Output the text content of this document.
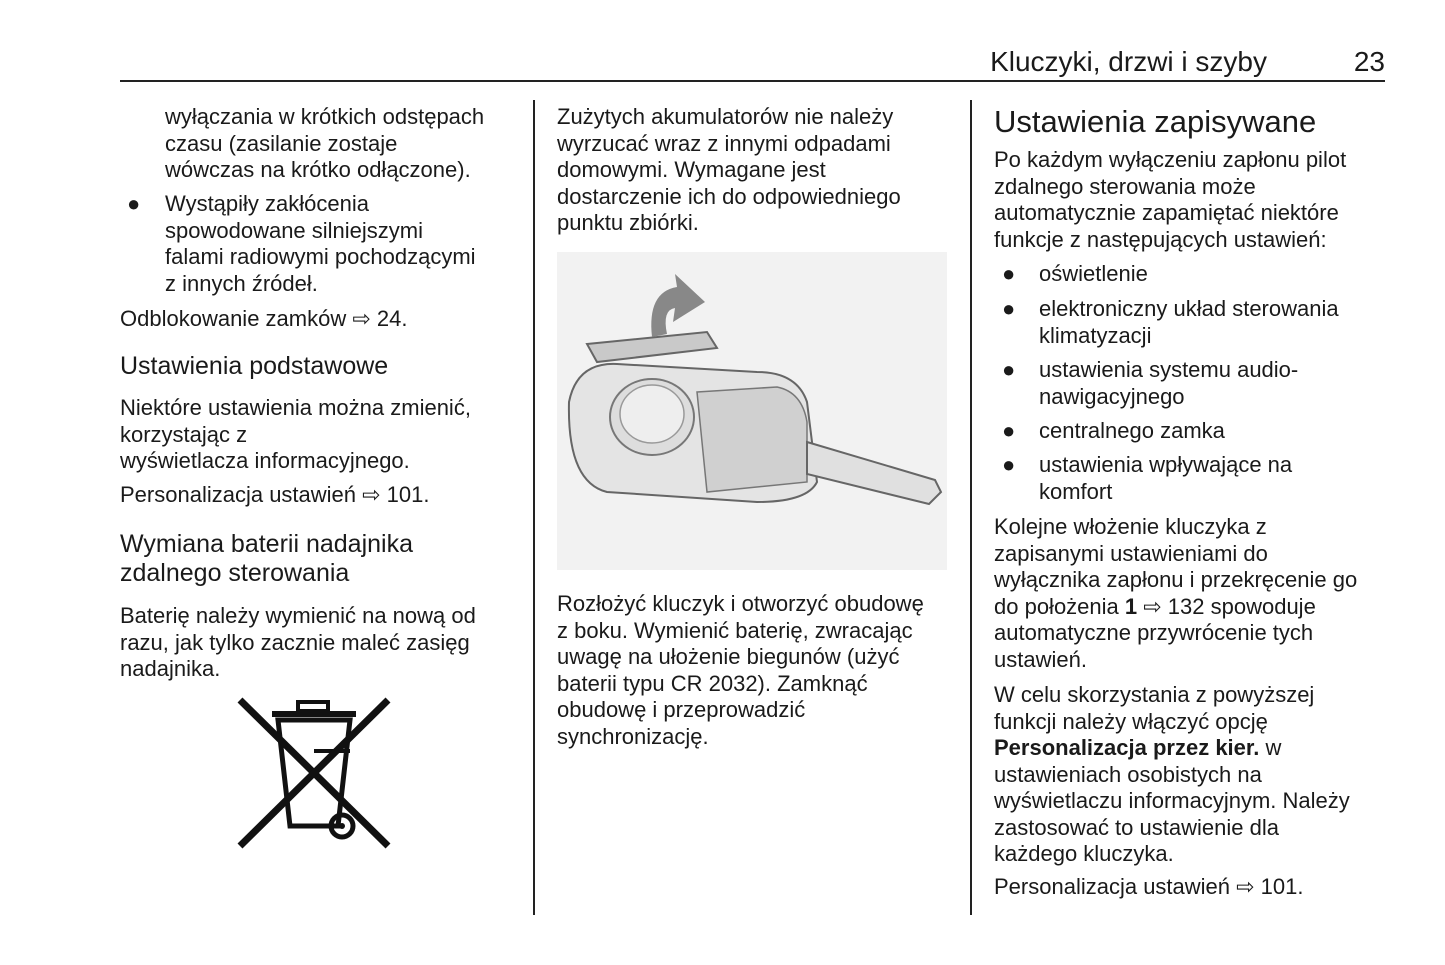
Kluczyki, drzwi i szyby	23

wyłączania w krótkich odstępach
czasu (zasilanie zostaje
wówczas na krótko odłączone).

● Wystąpiły zakłócenia
spowodowane silniejszymi
falami radiowymi pochodzącymi
z innych źródeł.

Odblokowanie zamków ⇨ 24.

Ustawienia podstawowe

Niektóre ustawienia można zmienić,
korzystając z
wyświetlacza informacyjnego.

Personalizacja ustawień ⇨ 101.

Wymiana baterii nadajnika
zdalnego sterowania

Baterię należy wymienić na nową od
razu, jak tylko zacznie maleć zasięg
nadajnika.

Zużytych akumulatorów nie należy
wyrzucać wraz z innymi odpadami
domowymi. Wymagane jest
dostarczenie ich do odpowiedniego
punktu zbiórki.

Rozłożyć kluczyk i otworzyć obudowę
z boku. Wymienić baterię, zwracając
uwagę na ułożenie biegunów (użyć
baterii typu CR 2032). Zamknąć
obudowę i przeprowadzić
synchronizację.

Ustawienia zapisywane

Po każdym wyłączeniu zapłonu pilot
zdalnego sterowania może
automatycznie zapamiętać niektóre
funkcje z następujących ustawień:

● oświetlenie

● elektroniczny układ sterowania
klimatyzacji

● ustawienia systemu audio-
nawigacyjnego

● centralnego zamka

● ustawienia wpływające na
komfort

Kolejne włożenie kluczyka z
zapisanymi ustawieniami do
wyłącznika zapłonu i przekręcenie go
do położenia 1 ⇨ 132 spowoduje
automatyczne przywrócenie tych
ustawień.

W celu skorzystania z powyższej
funkcji należy włączyć opcję
Personalizacja przez kier. w
ustawieniach osobistych na
wyświetlaczu informacyjnym. Należy
zastosować to ustawienie dla
każdego kluczyka.

Personalizacja ustawień ⇨ 101.
